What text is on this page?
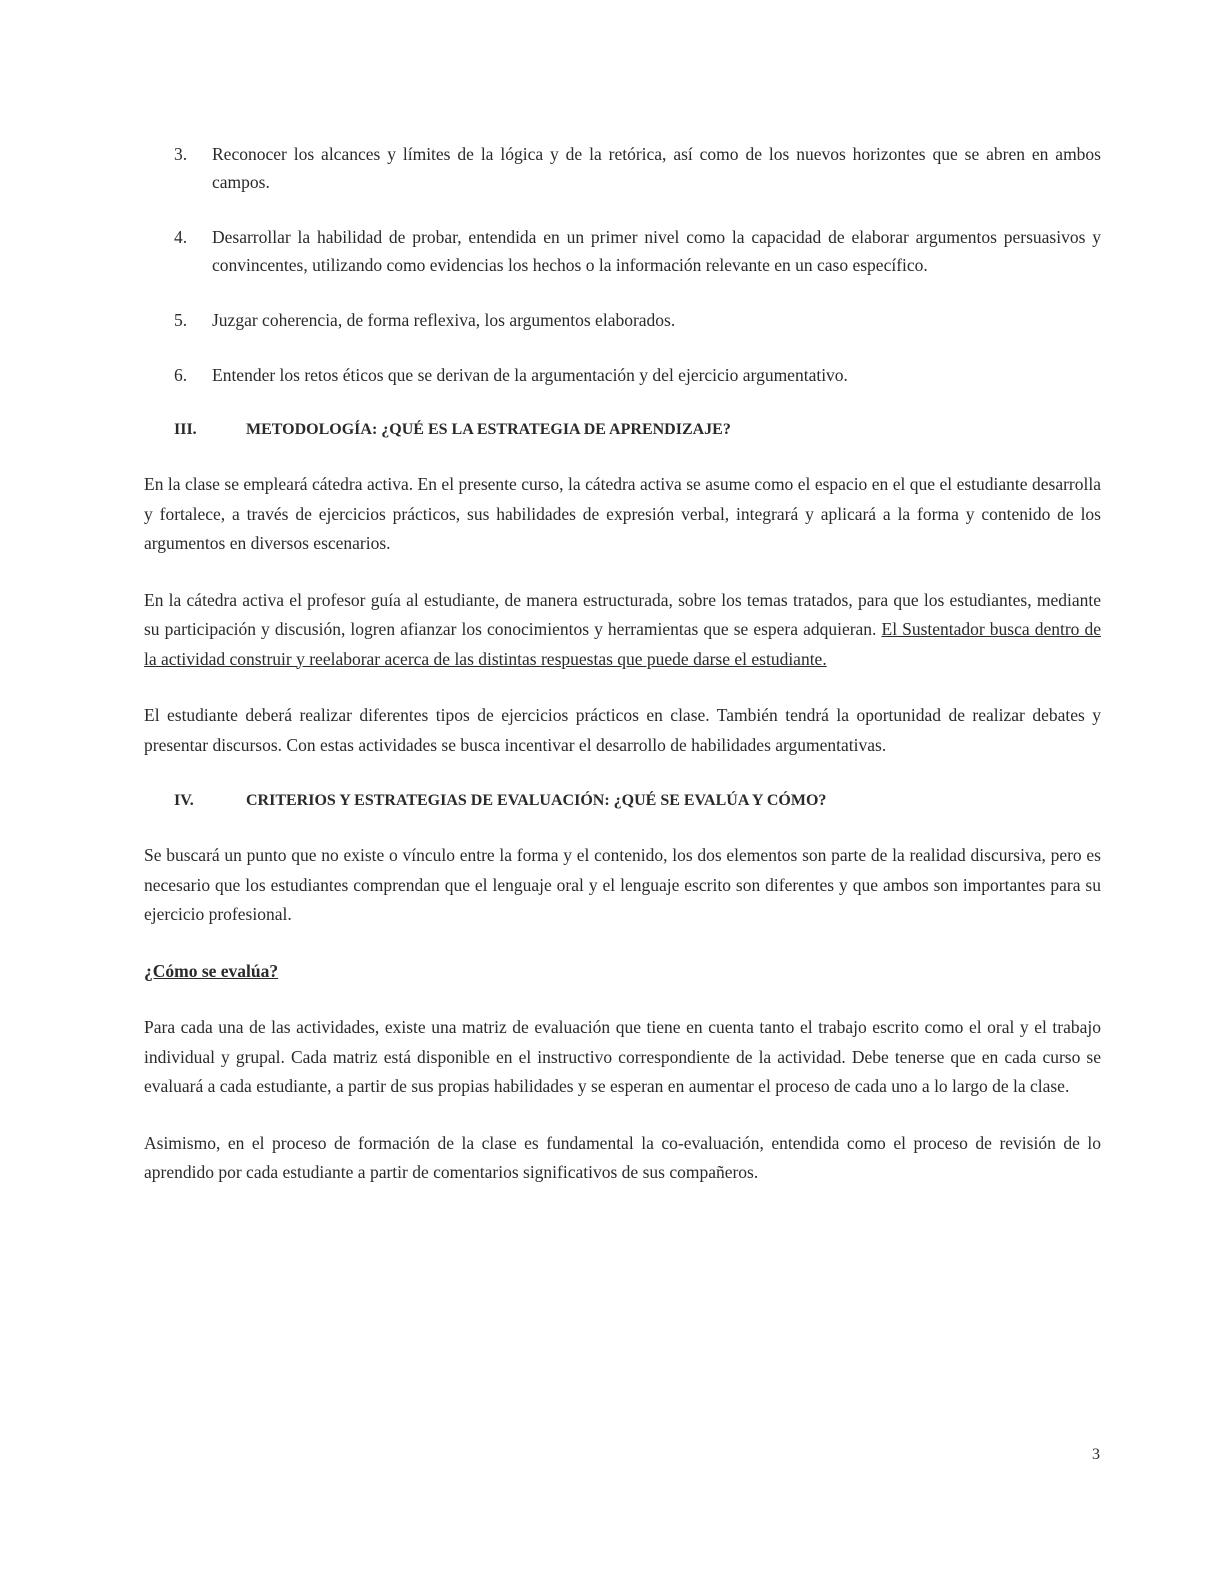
3.	Reconocer los alcances y límites de la lógica y de la retórica, así como de los nuevos horizontes que se abren en ambos campos.
4.	Desarrollar la habilidad de probar, entendida en un primer nivel como la capacidad de elaborar argumentos persuasivos y convincentes, utilizando como evidencias los hechos o la información relevante en un caso específico.
5.	Juzgar coherencia, de forma reflexiva, los argumentos elaborados.
6.	Entender los retos éticos que se derivan de la argumentación y del ejercicio argumentativo.
III.	METODOLOGÍA: ¿QUÉ ES LA ESTRATEGIA DE APRENDIZAJE?

En la clase se empleará cátedra activa. En el presente curso, la cátedra activa se asume como el espacio en el que el estudiante desarrolla y fortalece, a través de ejercicios prácticos, sus habilidades de expresión verbal, integrará y aplicará a la forma y contenido de los argumentos en diversos escenarios.

En la cátedra activa el profesor guía al estudiante, de manera estructurada, sobre los temas tratados, para que los estudiantes, mediante su participación y discusión, logren afianzar los conocimientos y herramientas que se espera adquieran. El Sustentador busca dentro de la actividad construir y reelaborar acerca de las distintas respuestas que puede darse el estudiante.

El estudiante deberá realizar diferentes tipos de ejercicios prácticos en clase. También tendrá la oportunidad de realizar debates y presentar discursos. Con estas actividades se busca incentivar el desarrollo de habilidades argumentativas.

IV.	CRITERIOS Y ESTRATEGIAS DE EVALUACIÓN: ¿QUÉ SE EVALÚA Y CÓMO?

Se buscará un punto que no existe o vínculo entre la forma y el contenido, los dos elementos son parte de la realidad discursiva, pero es necesario que los estudiantes comprendan que el lenguaje oral y el lenguaje escrito son diferentes y que ambos son importantes para su ejercicio profesional.

¿Cómo se evalúa?

Para cada una de las actividades, existe una matriz de evaluación que tiene en cuenta tanto el trabajo escrito como el oral y el trabajo individual y grupal. Cada matriz está disponible en el instructivo correspondiente de la actividad. Debe tenerse que en cada curso se evaluará a cada estudiante, a partir de sus propias habilidades y se esperan en aumentar el proceso de cada uno a lo largo de la clase.

Asimismo, en el proceso de formación de la clase es fundamental la co-evaluación, entendida como el proceso de revisión de lo aprendido por cada estudiante a partir de comentarios significativos de sus compañeros.

3
